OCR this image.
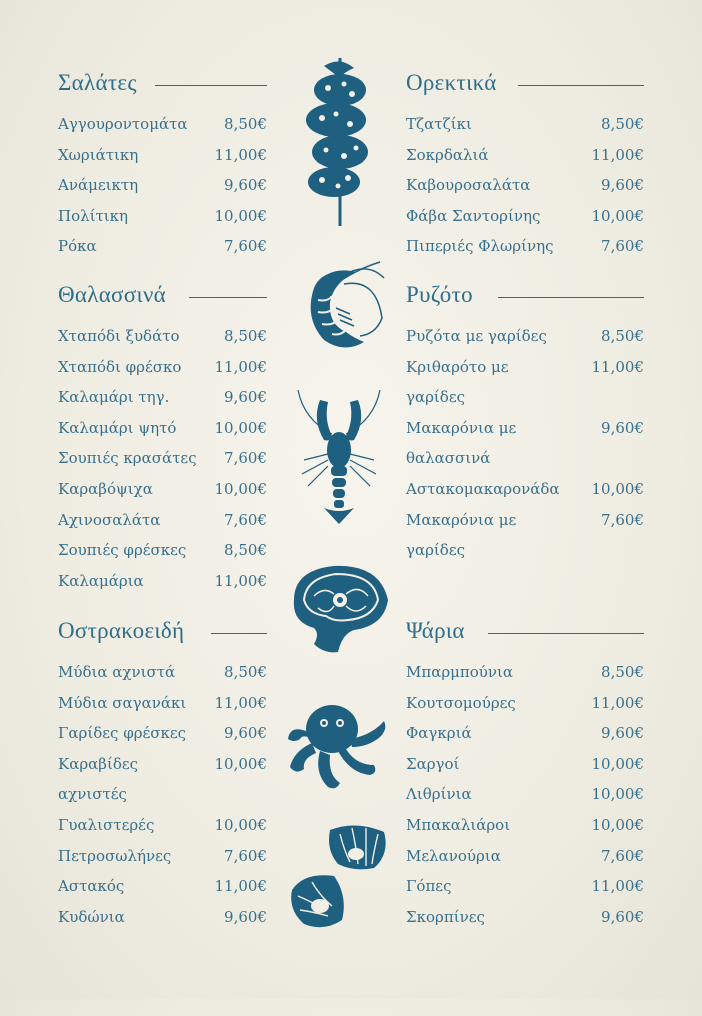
Σαλάτες
Αγγουροντομάτα 8,50€
Χωριάτικη	11,00€
Ανάμεικτη	9,60€
Πολίτικη	10,00€
Ρόκα	7,60€
Θαλασσινά
Χταπόδι ξυδάτο	8,50€
Χταπόδι φρέσκο 11,00€
Καλαμάρι τηγ.	9,60€
Καλαμάρι ψητό	10,00€
Σουπιές κρασάτες 7,60€
Καραβόψιχα	10,00€
Αχινοσαλάτα	7,60€
Σουπιές φρέσκες	8,50€
Καλαμάρια	11,00€
Οστρακοειδή
Μύδια αχνιστά	8,50€
Μύδια σαγανάκι 11,00€
Γαρίδες φρέσκες	9,60€
Καραβίδες	10,00€
αχνιστές
Γυαλιστερές	10,00€
Πετροσωλήνες	7,60€
Αστακός	11,00€
Κυδώνια	9,60€
Ορεκτικά
Τζατζίκι	8,50€
Σοκρδαλιά	11,00€
Καβουροσαλάτα	9,60€
Φάβα Σαντορίνης	10,00€
Πιπεριές Φλωρίνης	7,60€
Ρυζότο
Ρυζότα με γαρίδες	8,50€
Κριθαρότο με	11,00€
γαρίδες
Μακαρόνια με	9,60€
θαλασσινά
Αστακομακαρονάδα 10,00€
Μακαρόνια με	7,60€
γαρίδες
Ψάρια
Μπαρμπούνια	8,50€
Κουτσομούρες	11,00€
Φαγκριά	9,60€
Σαργοί	10,00€
Λιθρίνια	10,00€
Μπακαλιάροι	10,00€
Μελανούρια	7,60€
Γόπες	11,00€
Σκορπίνες	9,60€
